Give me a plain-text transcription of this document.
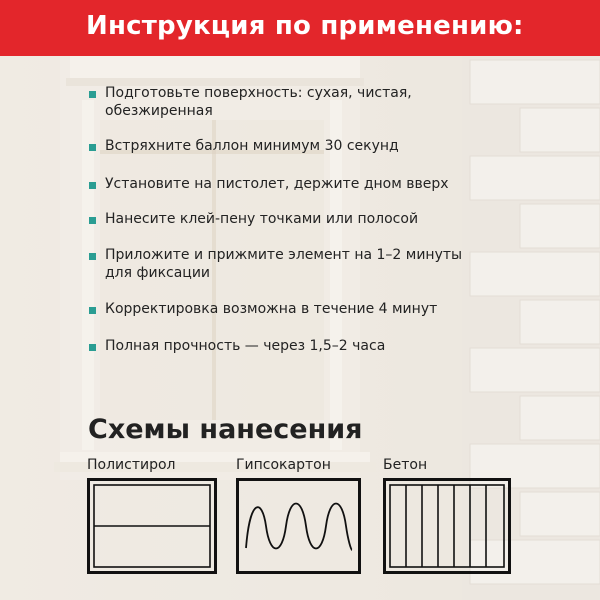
Инструкция по применению:
Подготовьте поверхность: сухая, чистая, обезжиренная
Встряхните баллон минимум 30 секунд
Установите на пистолет, держите дном вверх
Нанесите клей-пену точками или полосой
Приложите и прижмите элемент на 1–2 минуты для фиксации
Корректировка возможна в течение 4 минут
Полная прочность — через 1,5–2 часа
Схемы нанесения
Полистирол	Гипсокартон	Бетон
